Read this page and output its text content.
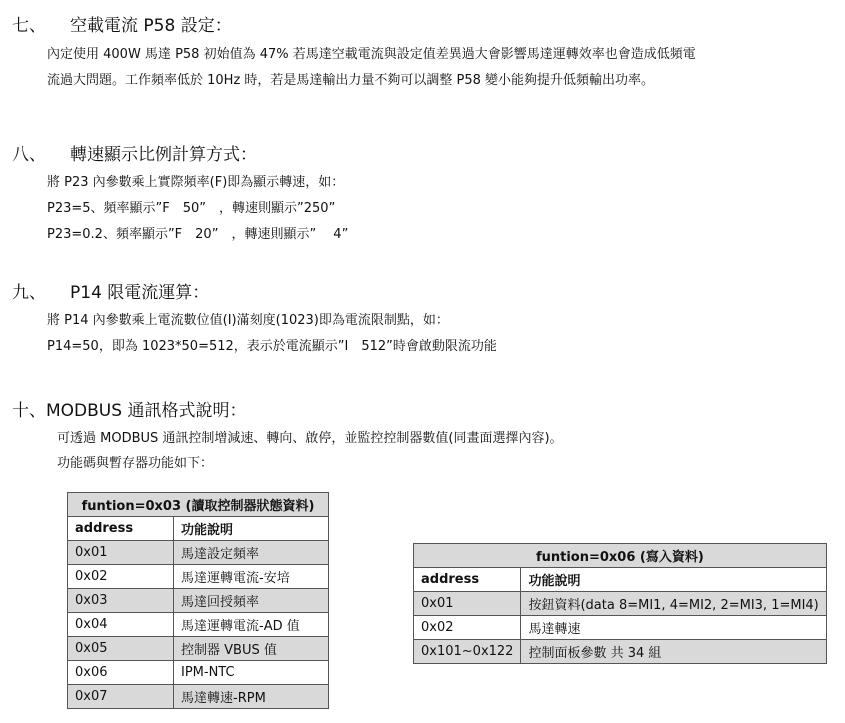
七、 空載電流 P58 設定：
內定使用 400W 馬達 P58 初始值為 47% 若馬達空載電流與設定值差異過大會影響馬達運轉效率也會造成低頻電
流過大問題。工作頻率低於 10Hz 時，若是馬達輸出力量不夠可以調整 P58 變小能夠提升低頻輸出功率。
八、 轉速顯示比例計算方式：
將 P23 內參數乘上實際頻率(F)即為顯示轉速，如：
P23=5、頻率顯示”F　50”　，轉速則顯示”250”
P23=0.2、頻率顯示”F　20”　，轉速則顯示”　 4”
九、 P14 限電流運算：
將 P14 內參數乘上電流數位值(I)滿刻度(1023)即為電流限制點，如：
P14=50，即為 1023*50=512，表示於電流顯示”I　512”時會啟動限流功能
十、MODBUS 通訊格式說明：
可透過 MODBUS 通訊控制增減速、轉向、啟停，並監控控制器數值(同畫面選擇內容)。
功能碼與暫存器功能如下：
funtion=0x03 (讀取控制器狀態資料)	
address	功能說明
0x01	馬達設定頻率
0x02	馬達運轉電流-安培
0x03	馬達回授頻率
0x04	馬達運轉電流-AD 值
0x05	控制器 VBUS 值
0x06	IPM-NTC
0x07	馬達轉速-RPM
funtion=0x06 (寫入資料)	
address	功能說明
0x01	按鈕資料(data 8=MI1, 4=MI2, 2=MI3, 1=MI4)
0x02	馬達轉速
0x101~0x122	控制面板參數 共 34 組
